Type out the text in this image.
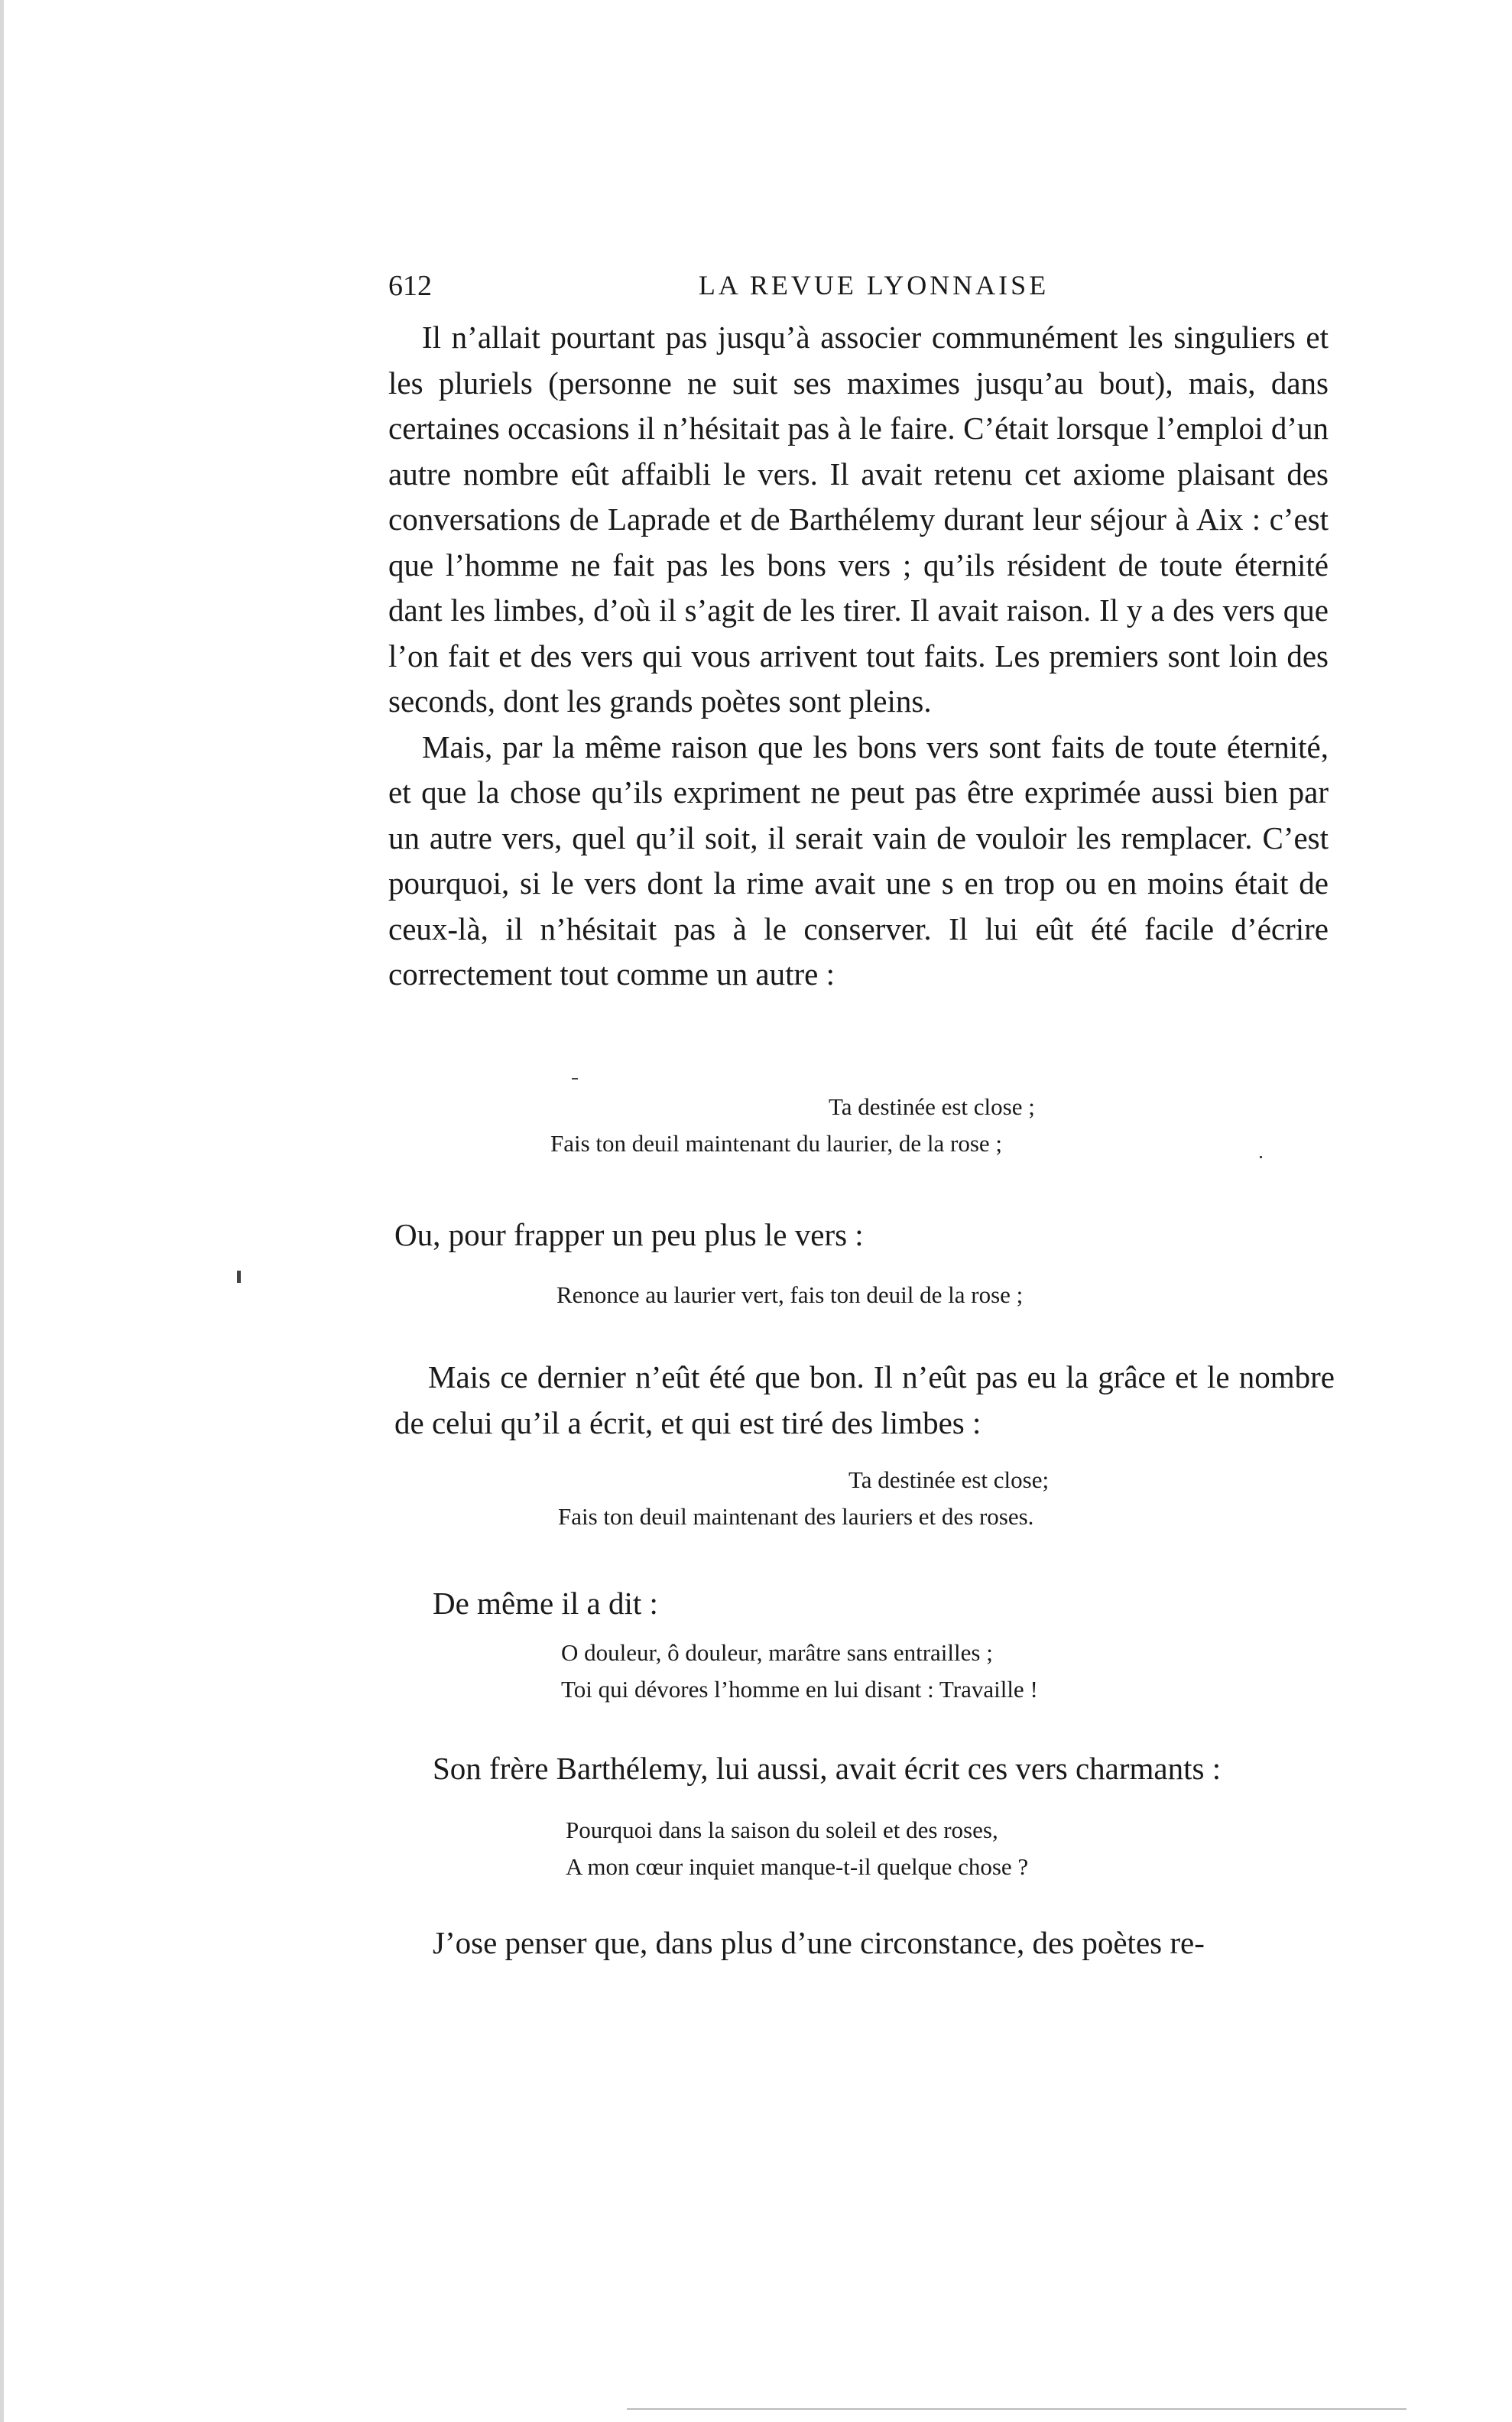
612	LA REVUE LYONNAISE

Il n’allait pourtant pas jusqu’à associer communément les singuliers et les pluriels (personne ne suit ses maximes jusqu’au bout), mais, dans certaines occasions il n’hésitait pas à le faire. C’était lorsque l’emploi d’un autre nombre eût affaibli le vers. Il avait retenu cet axiome plaisant des conversations de Laprade et de Barthélemy durant leur séjour à Aix : c’est que l’homme ne fait pas les bons vers ; qu’ils résident de toute éternité dant les limbes, d’où il s’agit de les tirer. Il avait raison. Il y a des vers que l’on fait et des vers qui vous arrivent tout faits. Les premiers sont loin des seconds, dont les grands poètes sont pleins.

Mais, par la même raison que les bons vers sont faits de toute éternité, et que la chose qu’ils expriment ne peut pas être exprimée aussi bien par un autre vers, quel qu’il soit, il serait vain de vouloir les remplacer. C’est pourquoi, si le vers dont la rime avait une s en trop ou en moins était de ceux-là, il n’hésitait pas à le conserver. Il lui eût été facile d’écrire correctement tout comme un autre :

Ta destinée est close ;
Fais ton deuil maintenant du laurier, de la rose ;
Ou, pour frapper un peu plus le vers :
Renonce au laurier vert, fais ton deuil de la rose ;
Mais ce dernier n’eût été que bon. Il n’eût pas eu la grâce et le nombre de celui qu’il a écrit, et qui est tiré des limbes :
Ta destinée est close;
Fais ton deuil maintenant des lauriers et des roses.
De même il a dit :
O douleur, ô douleur, marâtre sans entrailles ;
Toi qui dévores l’homme en lui disant : Travaille !
Son frère Barthélemy, lui aussi, avait écrit ces vers charmants :
Pourquoi dans la saison du soleil et des roses,
A mon cœur inquiet manque-t-il quelque chose ?
J’ose penser que, dans plus d’une circonstance, des poètes re-
